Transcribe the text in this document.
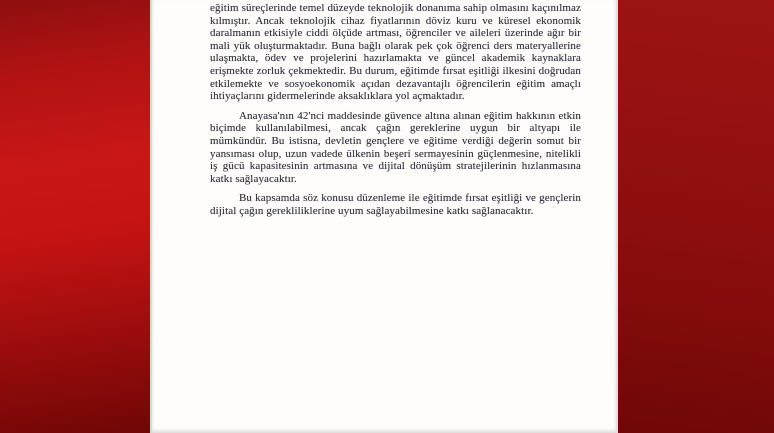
eğitim süreçlerinde temel düzeyde teknolojik donanıma sahip olmasını kaçınılmaz kılmıştır. Ancak teknolojik cihaz fiyatlarının döviz kuru ve küresel ekonomik daralmanın etkisiyle ciddi ölçüde artması, öğrenciler ve aileleri üzerinde ağır bir mali yük oluşturmaktadır. Buna bağlı olarak pek çok öğrenci ders materyallerine ulaşmakta, ödev ve projelerini hazırlamakta ve güncel akademik kaynaklara erişmekte zorluk çekmektedir. Bu durum, eğitimde fırsat eşitliği ilkesini doğrudan etkilemekte ve sosyoekonomik açıdan dezavantajlı öğrencilerin eğitim amaçlı ihtiyaçlarını gidermelerinde aksaklıklara yol açmaktadır.

Anayasa'nın 42'nci maddesinde güvence altına alınan eğitim hakkının etkin biçimde kullanılabilmesi, ancak çağın gereklerine uygun bir altyapı ile mümkündür. Bu istisna, devletin gençlere ve eğitime verdiği değerin somut bir yansıması olup, uzun vadede ülkenin beşeri sermayesinin güçlenmesine, nitelikli iş gücü kapasitesinin artmasına ve dijital dönüşüm stratejilerinin hızlanmasına katkı sağlayacaktır.

Bu kapsamda söz konusu düzenleme ile eğitimde fırsat eşitliği ve gençlerin dijital çağın gerekliliklerine uyum sağlayabilmesine katkı sağlanacaktır.
